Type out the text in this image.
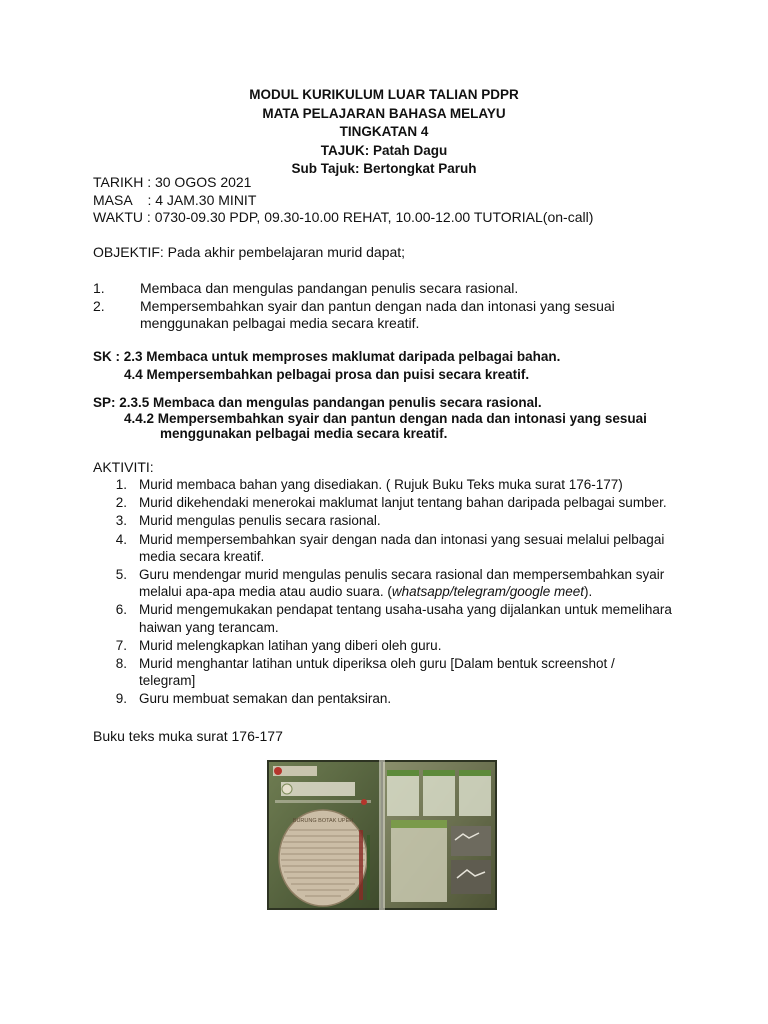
MODUL KURIKULUM LUAR TALIAN PDPR
MATA PELAJARAN BAHASA MELAYU
TINGKATAN 4
TAJUK: Patah Dagu
Sub Tajuk: Bertongkat Paruh
TARIKH : 30 OGOS 2021
MASA    : 4 JAM.30 MINIT
WAKTU : 0730-09.30 PDP, 09.30-10.00 REHAT, 10.00-12.00 TUTORIAL(on-call)
OBJEKTIF: Pada akhir pembelajaran murid dapat;
1.	Membaca dan mengulas pandangan penulis secara rasional.
2.	Mempersembahkan syair dan pantun dengan nada dan intonasi yang sesuai menggunakan pelbagai media secara kreatif.
SK : 2.3 Membaca untuk memproses maklumat daripada pelbagai bahan.
4.4 Mempersembahkan pelbagai prosa dan puisi secara kreatif.
SP: 2.3.5 Membaca dan mengulas pandangan penulis secara rasional.
4.4.2 Mempersembahkan syair dan pantun dengan nada dan intonasi yang sesuai
menggunakan pelbagai media secara kreatif.
AKTIVITI:
1. Murid membaca bahan yang disediakan. ( Rujuk Buku Teks muka surat 176-177)
2. Murid dikehendaki menerokai maklumat lanjut tentang bahan daripada pelbagai sumber.
3. Murid mengulas penulis secara rasional.
4. Murid mempersembahkan syair dengan nada dan intonasi yang sesuai melalui pelbagai media secara kreatif.
5. Guru mendengar murid mengulas penulis secara rasional dan mempersembahkan syair melalui apa-apa media atau audio suara. (whatsapp/telegram/google meet).
6. Murid mengemukakan pendapat tentang usaha-usaha yang dijalankan untuk memelihara haiwan yang terancam.
7. Murid melengkapkan latihan yang diberi oleh guru.
8. Murid menghantar latihan untuk diperiksa oleh guru [Dalam bentuk screenshot / telegram]
9. Guru membuat semakan dan pentaksiran.
Buku teks muka surat 176-177
BURUNG BOTAK UPEH
